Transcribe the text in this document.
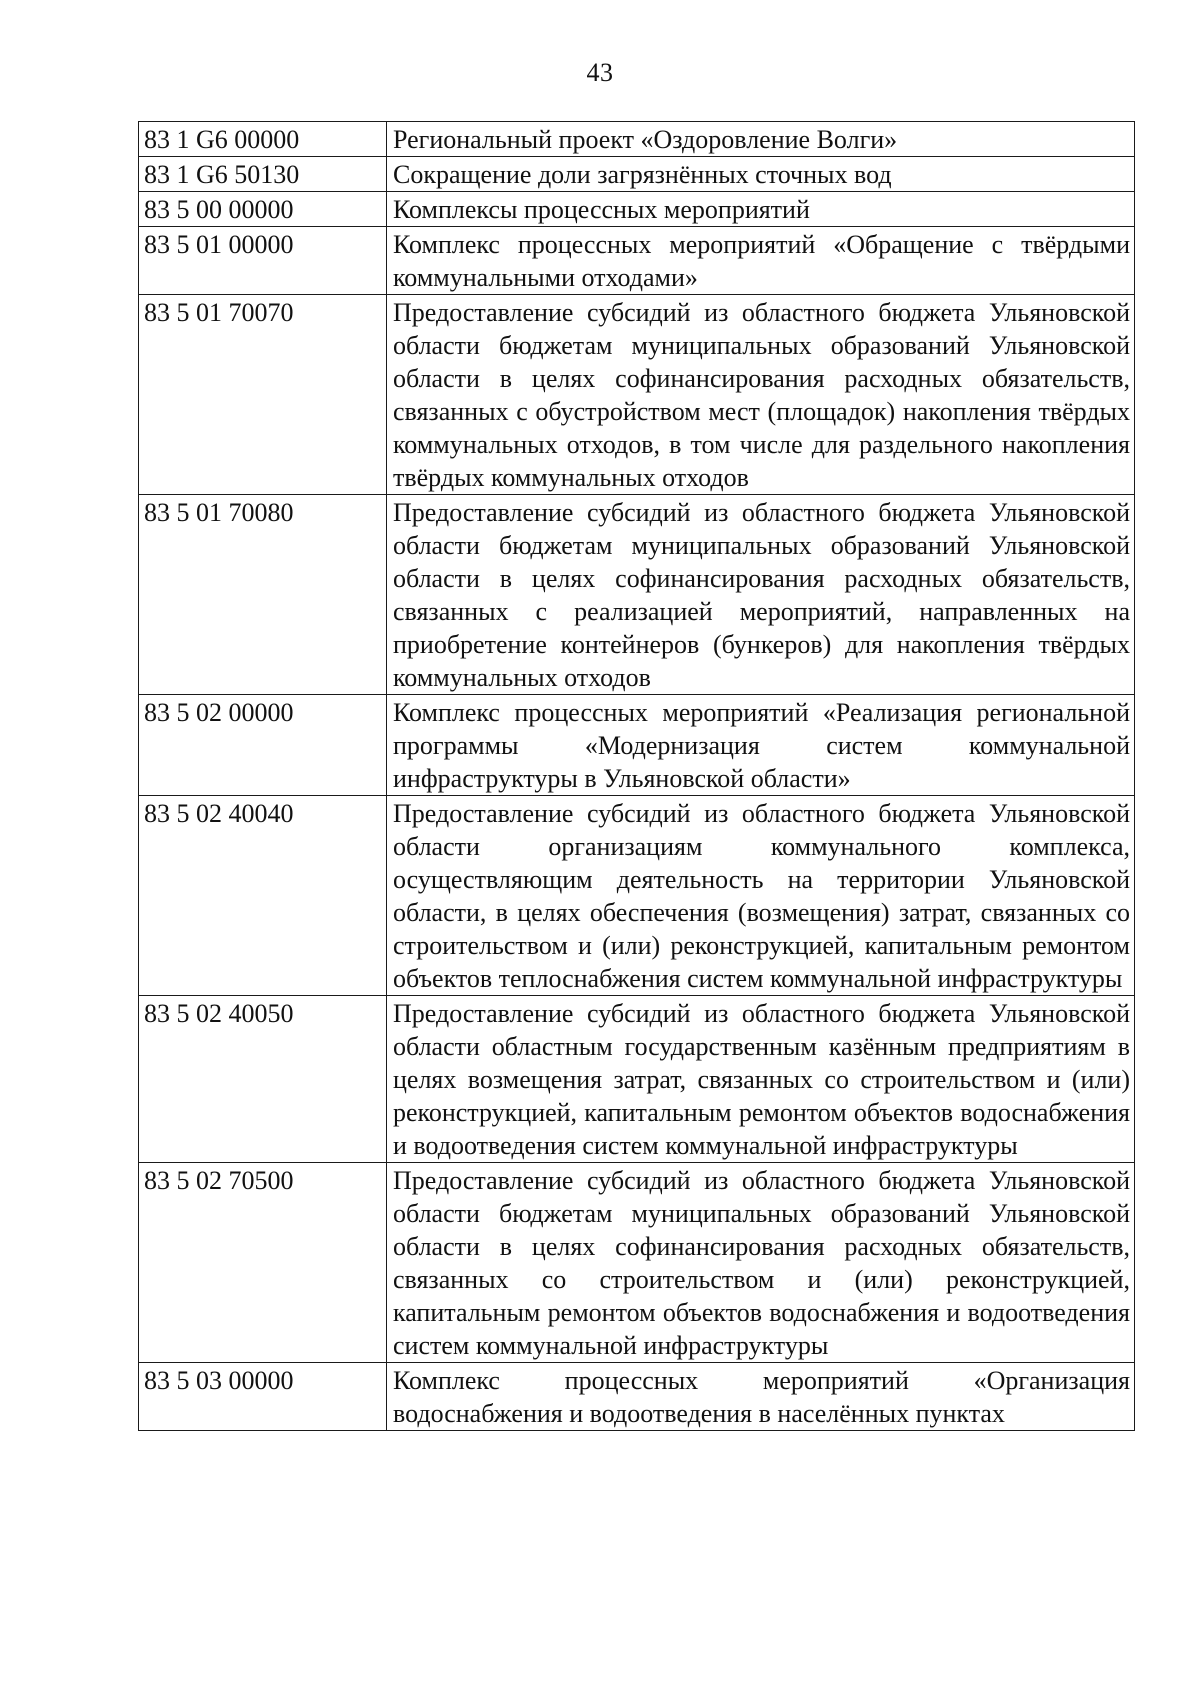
43
83 1 G6 00000	Региональный проект «Оздоровление Волги»
83 1 G6 50130	Сокращение доли загрязнённых сточных вод
83 5 00 00000	Комплексы процессных мероприятий
83 5 01 00000	Комплекс процессных мероприятий «Обращение с твёрдыми коммунальными отходами»
83 5 01 70070	Предоставление субсидий из областного бюджета Ульяновской области бюджетам муниципальных образований Ульяновской области в целях софинансирования расходных обязательств, связанных с обустройством мест (площадок) накопления твёрдых коммунальных отходов, в том числе для раздельного накопления твёрдых коммунальных отходов
83 5 01 70080	Предоставление субсидий из областного бюджета Ульяновской области бюджетам муниципальных образований Ульяновской области в целях софинансирования расходных обязательств, связанных с реализацией мероприятий, направленных на приобретение контейнеров (бункеров) для накопления твёрдых коммунальных отходов
83 5 02 00000	Комплекс процессных мероприятий «Реализация региональной программы «Модернизация систем коммунальной инфраструктуры в Ульяновской области»
83 5 02 40040	Предоставление субсидий из областного бюджета Ульяновской области организациям коммунального комплекса, осуществляющим деятельность на территории Ульяновской области, в целях обеспечения (возмещения) затрат, связанных со строительством и (или) реконструкцией, капитальным ремонтом объектов теплоснабжения систем коммунальной инфраструктуры
83 5 02 40050	Предоставление субсидий из областного бюджета Ульяновской области областным государственным казённым предприятиям в целях возмещения затрат, связанных со строительством и (или) реконструкцией, капитальным ремонтом объектов водоснабжения и водоотведения систем коммунальной инфраструктуры
83 5 02 70500	Предоставление субсидий из областного бюджета Ульяновской области бюджетам муниципальных образований Ульяновской области в целях софинансирования расходных обязательств, связанных со строительством и (или) реконструкцией, капитальным ремонтом объектов водоснабжения и водоотведения систем коммунальной инфраструктуры
83 5 03 00000	Комплекс процессных мероприятий «Организация водоснабжения и водоотведения в населённых пунктах
